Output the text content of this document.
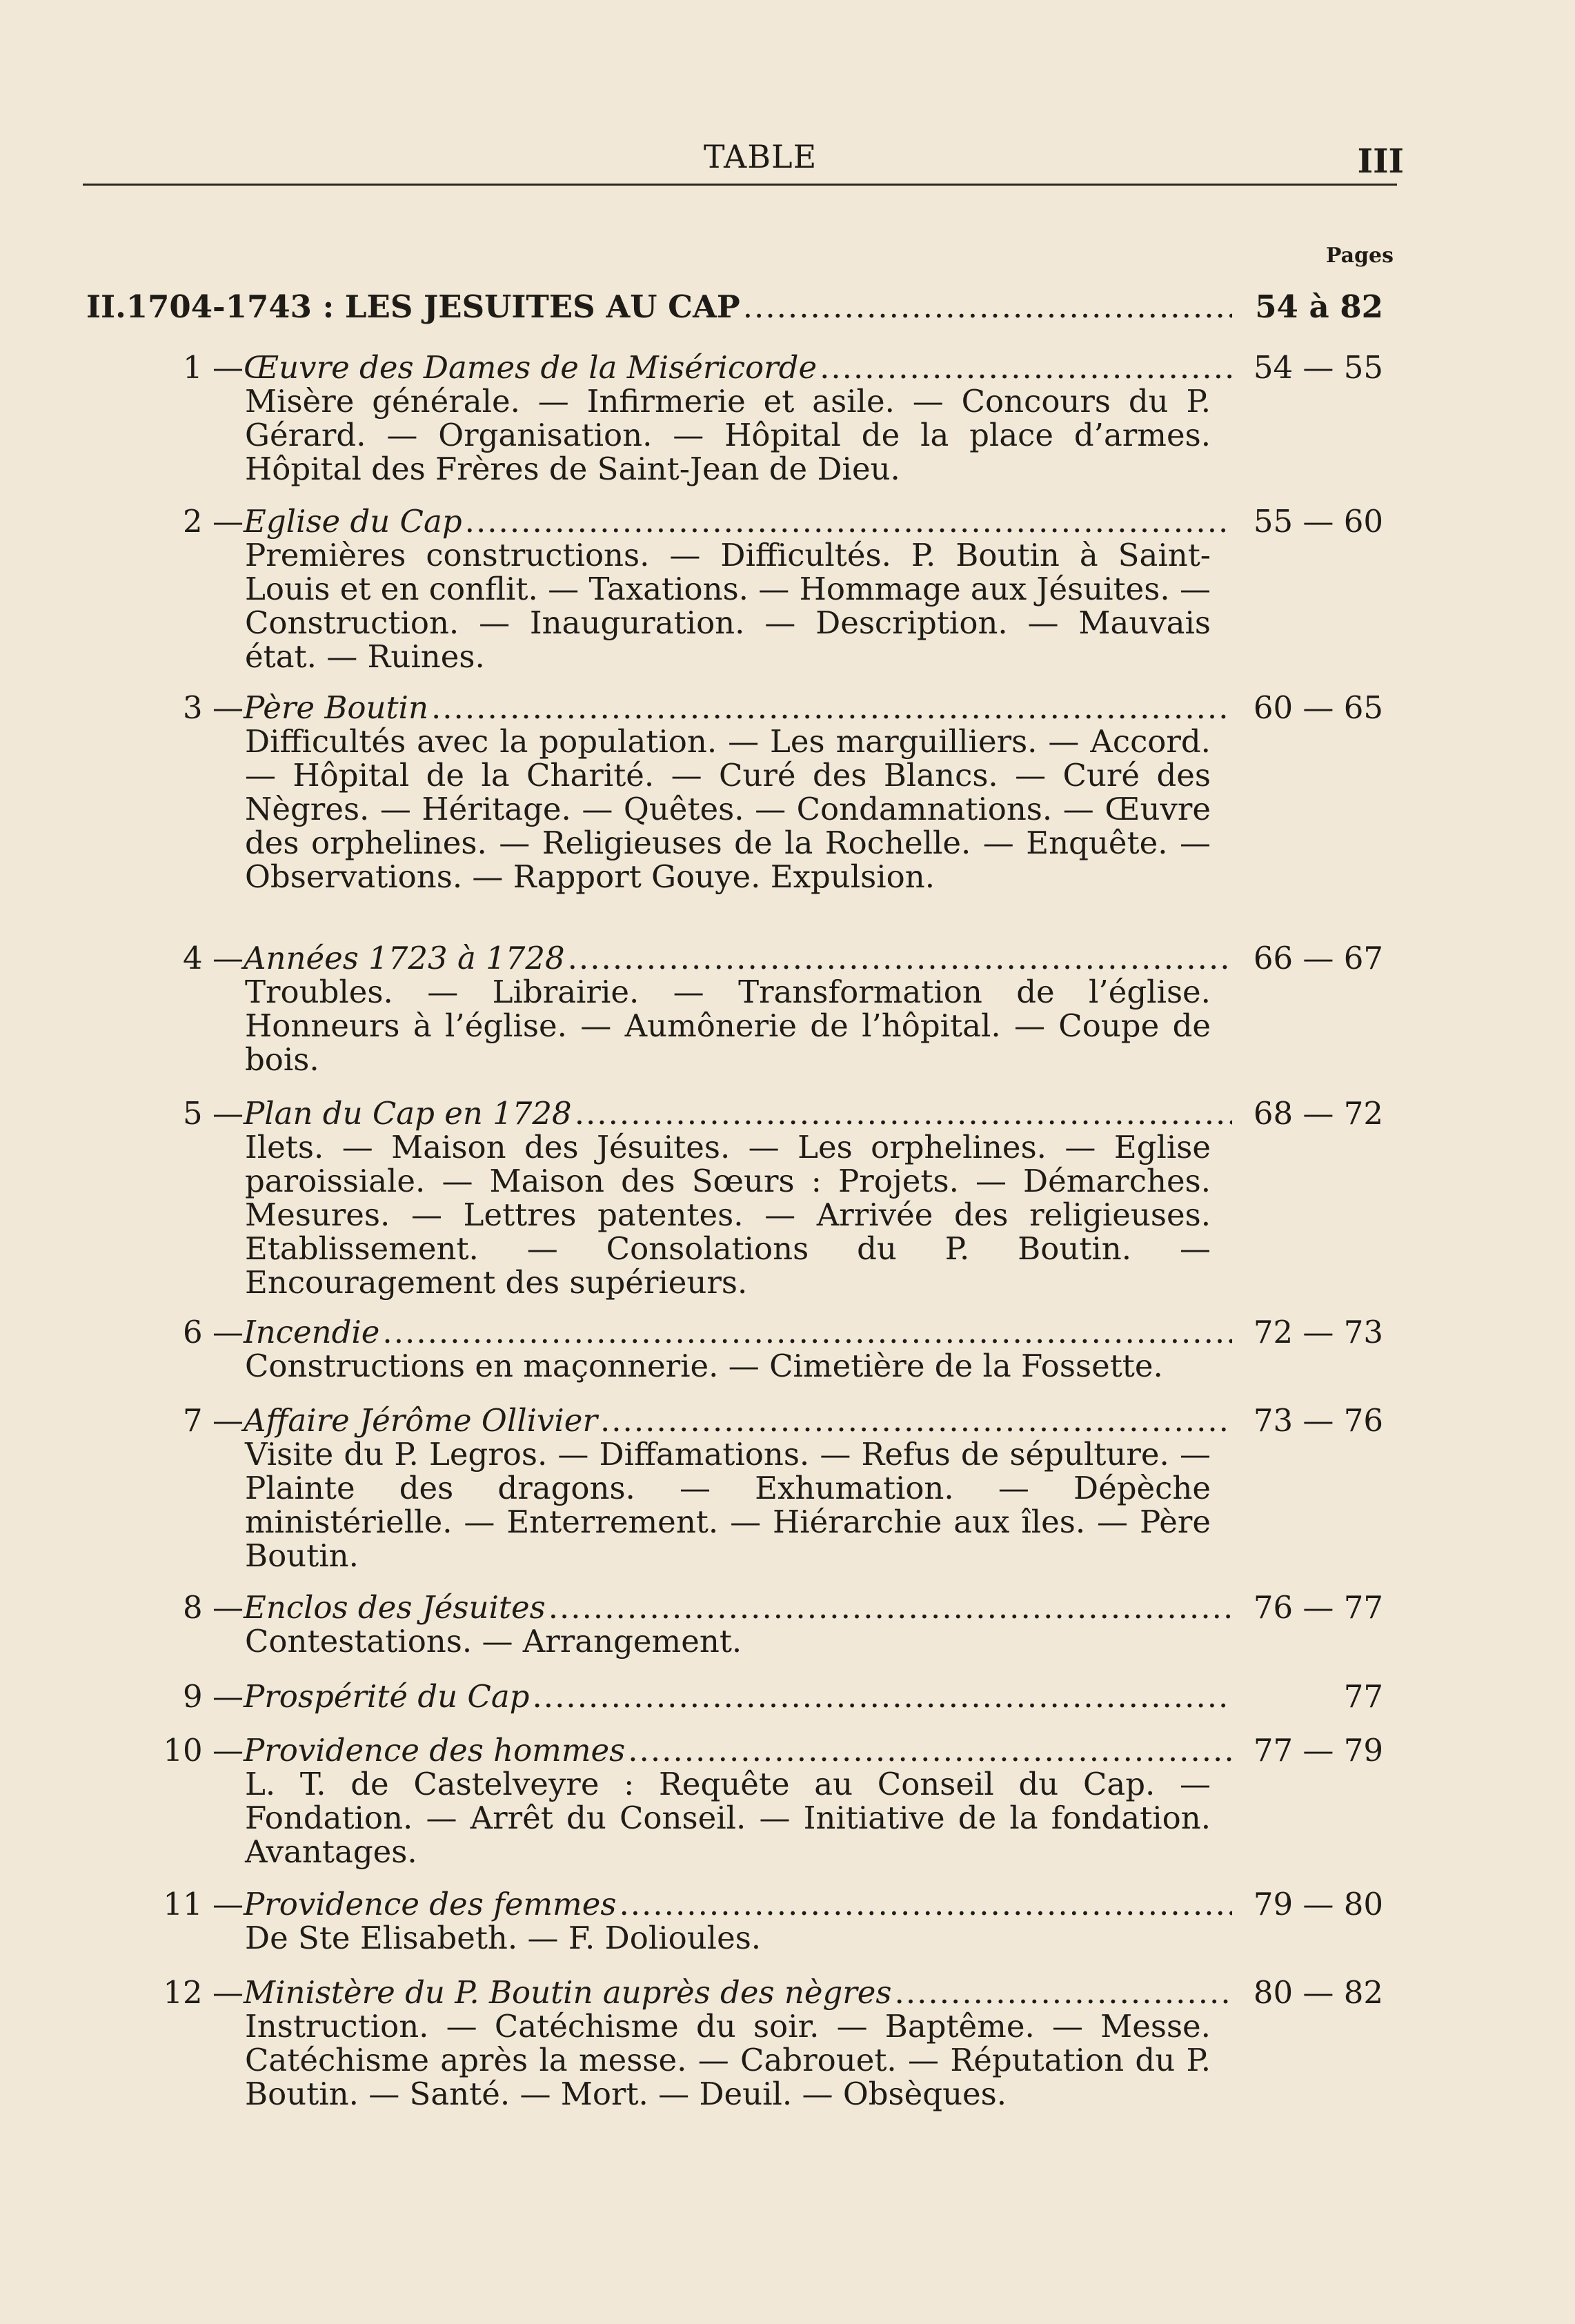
TABLE	III
Pages
II. 1704-1743 : LES JESUITES AU CAP .....	54 à 82
1 — Œuvre des Dames de la Miséricorde .....	54 — 55
Misère générale. — Infirmerie et asile. — Concours du P. Gérard. — Organisation. — Hôpital de la place d’armes. Hôpital des Frères de Saint-Jean de Dieu.
2 — Eglise du Cap .....	55 — 60
Premières constructions. — Difficultés. P. Boutin à Saint-Louis et en conflit. — Taxations. — Hommage aux Jésuites. — Construction. — Inauguration. — Description. — Mauvais état. — Ruines.
3 — Père Boutin .....	60 — 65
Difficultés avec la population. — Les marguilliers. — Accord. — Hôpital de la Charité. — Curé des Blancs. — Curé des Nègres. — Héritage. — Quêtes. — Condamnations. — Œuvre des orphelines. — Religieuses de la Rochelle. — Enquête. — Observations. — Rapport Gouye. Expulsion.
4 — Années 1723 à 1728 .....	66 — 67
Troubles. — Librairie. — Transformation de l’église. Honneurs à l’église. — Aumônerie de l’hôpital. — Coupe de bois.
5 — Plan du Cap en 1728 .....	68 — 72
Ilets. — Maison des Jésuites. — Les orphelines. — Eglise paroissiale. — Maison des Sœurs : Projets. — Démarches. Mesures. — Lettres patentes. — Arrivée des religieuses. Etablissement. — Consolations du P. Boutin. — Encouragement des supérieurs.
6 — Incendie .....	72 — 73
Constructions en maçonnerie. — Cimetière de la Fossette.
7 — Affaire Jérôme Ollivier .....	73 — 76
Visite du P. Legros. — Diffamations. — Refus de sépulture. — Plainte des dragons. — Exhumation. — Dépèche ministérielle. — Enterrement. — Hiérarchie aux îles. — Père Boutin.
8 — Enclos des Jésuites .....	76 — 77
Contestations. — Arrangement.
9 — Prospérité du Cap .....	77
10 — Providence des hommes .....	77 — 79
L. T. de Castelveyre : Requête au Conseil du Cap. — Fondation. — Arrêt du Conseil. — Initiative de la fondation. Avantages.
11 — Providence des femmes .....	79 — 80
De Ste Elisabeth. — F. Dolioules.
12 — Ministère du P. Boutin auprès des nègres .....	80 — 82
Instruction. — Catéchisme du soir. — Baptême. — Messe. Catéchisme après la messe. — Cabrouet. — Réputation du P. Boutin. — Santé. — Mort. — Deuil. — Obsèques.
